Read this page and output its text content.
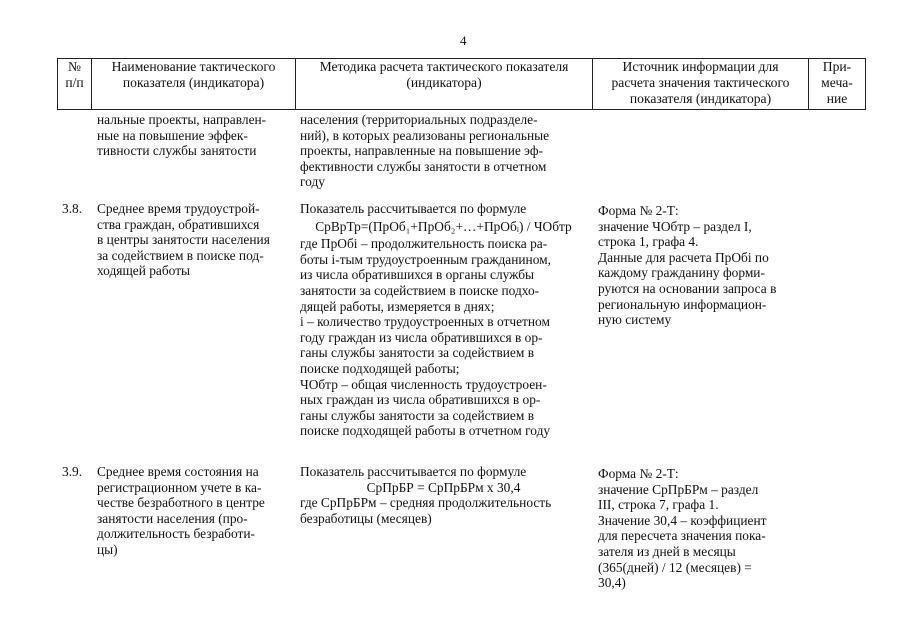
4
№
п/п
Наименование тактического
показателя (индикатора)
Методика расчета тактического показателя
(индикатора)
Источник информации для
расчета значения тактического
показателя (индикатора)
При-
меча-
ние
нальные проекты, направлен-
ные на повышение эффек-
тивности службы занятости
населения (территориальных подразделе-
ний), в которых реализованы региональные
проекты, направленные на повышение эф-
фективности службы занятости в отчетном
году
3.8. Среднее время трудоустрой-
ства граждан, обратившихся
в центры занятости населения
за содействием в поиске под-
ходящей работы
Показатель рассчитывается по формуле
СрВрТр=(ПрОб₁+ПрОб₂+…+ПрОбᵢ) / ЧОбтр
где ПрОбі – продолжительность поиска ра-
боты і-тым трудоустроенным гражданином,
из числа обратившихся в органы службы
занятости за содействием в поиске подхо-
дящей работы, измеряется в днях;
і – количество трудоустроенных в отчетном
году граждан из числа обратившихся в ор-
ганы службы занятости за содействием в
поиске подходящей работы;
ЧОбтр – общая численность трудоустроен-
ных граждан из числа обратившихся в ор-
ганы службы занятости за содействием в
поиске подходящей работы в отчетном году
Форма № 2-Т:
значение ЧОбтр – раздел I,
строка 1, графа 4.
Данные для расчета ПрОбі по
каждому гражданину форми-
руются на основании запроса в
региональную информацион-
ную систему
3.9. Среднее время состояния на
регистрационном учете в ка-
честве безработного в центре
занятости населения (про-
должительность безработи-
цы)
Показатель рассчитывается по формуле
СрПрБР = СрПрБРм х 30,4
где СрПрБРм – средняя продолжительность
безработицы (месяцев)
Форма № 2-Т:
значение СрПрБРм – раздел
III, строка 7, графа 1.
Значение 30,4 – коэффициент
для пересчета значения пока-
зателя из дней в месяцы
(365(дней) / 12 (месяцев) =
30,4)
